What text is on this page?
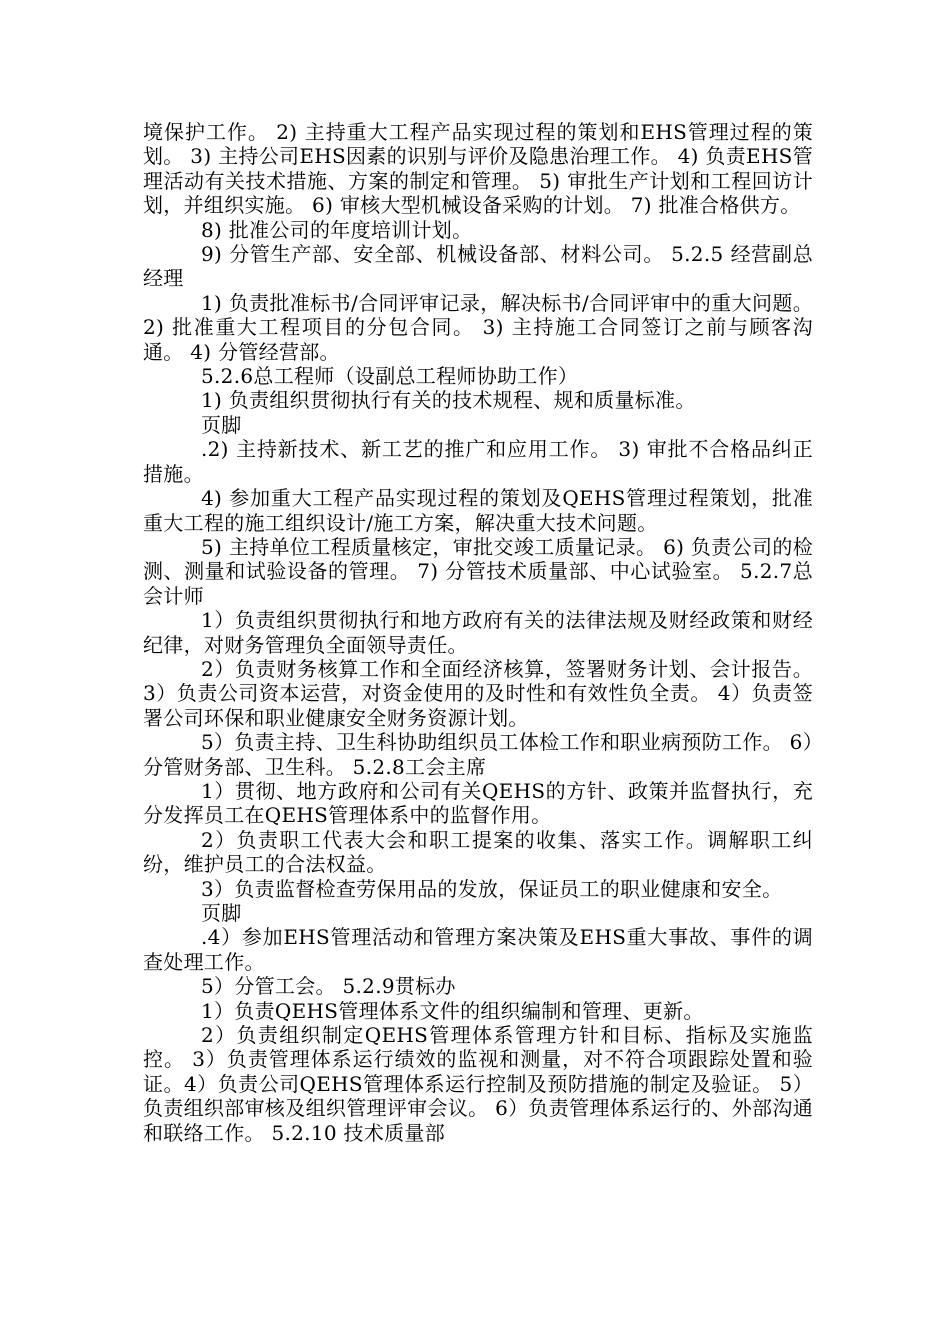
境保护工作。 2) 主持重大工程产品实现过程的策划和EHS管理过程的策划。 3) 主持公司EHS因素的识别与评价及隐患治理工作。 4) 负责EHS管理活动有关技术措施、方案的制定和管理。 5) 审批生产计划和工程回访计划，并组织实施。 6) 审核大型机械设备采购的计划。 7) 批准合格供方。

8) 批准公司的年度培训计划。

9) 分管生产部、安全部、机械设备部、材料公司。 5.2.5 经营副总经理

1) 负责批准标书/合同评审记录，解决标书/合同评审中的重大问题。 2) 批准重大工程项目的分包合同。 3) 主持施工合同签订之前与顾客沟通。 4) 分管经营部。

5.2.6总工程师（设副总工程师协助工作）

1) 负责组织贯彻执行有关的技术规程、规和质量标准。

页脚

.2) 主持新技术、新工艺的推广和应用工作。 3) 审批不合格品纠正措施。

4) 参加重大工程产品实现过程的策划及QEHS管理过程策划，批准重大工程的施工组织设计/施工方案，解决重大技术问题。

5) 主持单位工程质量核定，审批交竣工质量记录。 6) 负责公司的检测、测量和试验设备的管理。 7) 分管技术质量部、中心试验室。 5.2.7总会计师

1）负责组织贯彻执行和地方政府有关的法律法规及财经政策和财经纪律，对财务管理负全面领导责任。

2）负责财务核算工作和全面经济核算，签署财务计划、会计报告。 3）负责公司资本运营，对资金使用的及时性和有效性负全责。 4）负责签署公司环保和职业健康安全财务资源计划。

5）负责主持、卫生科协助组织员工体检工作和职业病预防工作。 6）分管财务部、卫生科。 5.2.8工会主席

1）贯彻、地方政府和公司有关QEHS的方针、政策并监督执行，充分发挥员工在QEHS管理体系中的监督作用。

2）负责职工代表大会和职工提案的收集、落实工作。调解职工纠纷，维护员工的合法权益。

3）负责监督检查劳保用品的发放，保证员工的职业健康和安全。

页脚

.4）参加EHS管理活动和管理方案决策及EHS重大事故、事件的调查处理工作。

5）分管工会。 5.2.9贯标办

1）负责QEHS管理体系文件的组织编制和管理、更新。

2）负责组织制定QEHS管理体系管理方针和目标、指标及实施监控。 3）负责管理体系运行绩效的监视和测量，对不符合项跟踪处置和验证。4）负责公司QEHS管理体系运行控制及预防措施的制定及验证。 5）负责组织部审核及组织管理评审会议。 6）负责管理体系运行的、外部沟通和联络工作。 5.2.10 技术质量部
